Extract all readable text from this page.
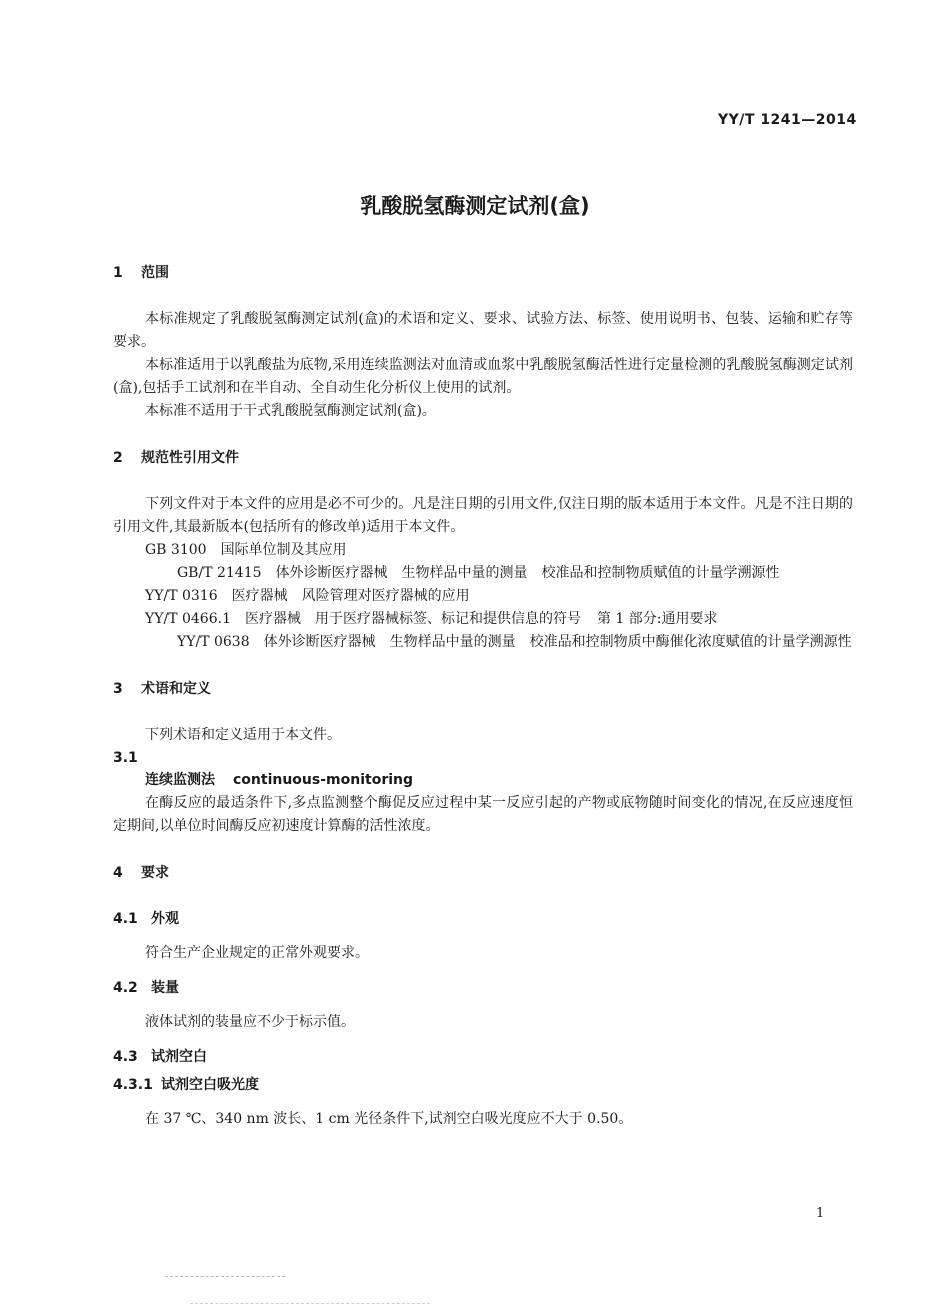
YY/T 1241—2014
乳酸脱氢酶测定试剂(盒)
1 范围

本标准规定了乳酸脱氢酶测定试剂(盒)的术语和定义、要求、试验方法、标签、使用说明书、包装、运输和贮存等要求。

本标准适用于以乳酸盐为底物,采用连续监测法对血清或血浆中乳酸脱氢酶活性进行定量检测的乳酸脱氢酶测定试剂(盒),包括手工试剂和在半自动、全自动生化分析仪上使用的试剂。

本标准不适用于干式乳酸脱氢酶测定试剂(盒)。

2 规范性引用文件

下列文件对于本文件的应用是必不可少的。凡是注日期的引用文件,仅注日期的版本适用于本文件。凡是不注日期的引用文件,其最新版本(包括所有的修改单)适用于本文件。

GB 3100 国际单位制及其应用

GB/T 21415 体外诊断医疗器械　生物样品中量的测量　校准品和控制物质赋值的计量学溯源性

YY/T 0316 医疗器械　风险管理对医疗器械的应用

YY/T 0466.1 医疗器械　用于医疗器械标签、标记和提供信息的符号 第 1 部分:通用要求

YY/T 0638 体外诊断医疗器械　生物样品中量的测量　校准品和控制物质中酶催化浓度赋值的计量学溯源性

3 术语和定义

下列术语和定义适用于本文件。

3.1
连续监测法 continuous-monitoring

在酶反应的最适条件下,多点监测整个酶促反应过程中某一反应引起的产物或底物随时间变化的情况,在反应速度恒定期间,以单位时间酶反应初速度计算酶的活性浓度。

4 要求
4.1 外观

符合生产企业规定的正常外观要求。

4.2 装量

液体试剂的装量应不少于标示值。

4.3 试剂空白
4.3.1 试剂空白吸光度

在 37 ℃、340 nm 波长、1 cm 光径条件下,试剂空白吸光度应不大于 0.50。

1
